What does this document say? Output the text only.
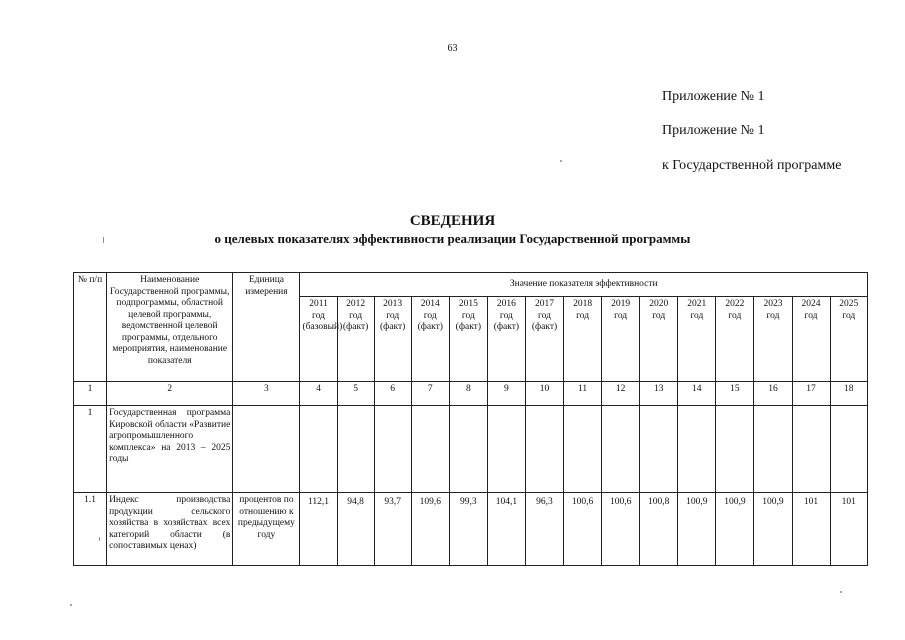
63
Приложение № 1
Приложение № 1
к Государственной программе
СВЕДЕНИЯ
о целевых показателях эффективности реализации Государственной программы
№ п/п	Наименование Государственной программы, подпрограммы, областной целевой программы, ведомственной целевой программы, отдельного мероприятия, наименование показателя	Единица измерения	Значение показателя эффективности														
			2011 год (базовый)	2012 год (факт)	2013 год (факт)	2014 год (факт)	2015 год (факт)	2016 год (факт)	2017 год (факт)	2018 год	2019 год	2020 год	2021 год	2022 год	2023 год	2024 год	2025 год
1	2	3	4	5	6	7	8	9	10	11	12	13	14	15	16	17	18
1	Государственная программа Кировской области «Развитие агропромышленного комплекса» на 2013 – 2025 годы																
1.1	Индекс производства продукции сельского хозяйства в хозяйствах всех категорий области (в сопоставимых ценах)	процентов по отношению к предыдущему году	112,1	94,8	93,7	109,6	99,3	104,1	96,3	100,6	100,6	100,8	100,9	100,9	100,9	101	101
